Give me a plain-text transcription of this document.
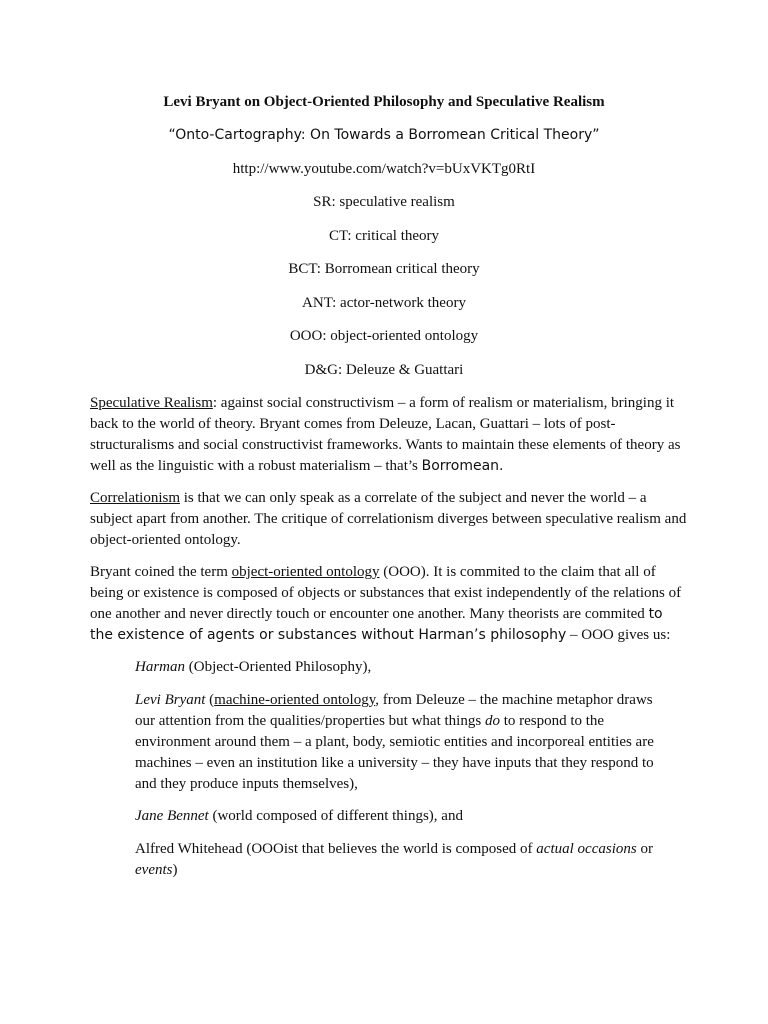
Levi Bryant on Object-Oriented Philosophy and Speculative Realism
“Onto-Cartography: On Towards a Borromean Critical Theory”
http://www.youtube.com/watch?v=bUxVKTg0RtI
SR: speculative realism
CT: critical theory
BCT: Borromean critical theory
ANT: actor-network theory
OOO: object-oriented ontology
D&G: Deleuze & Guattari

Speculative Realism: against social constructivism – a form of realism or materialism, bringing it back to the world of theory. Bryant comes from Deleuze, Lacan, Guattari – lots of post-structuralisms and social constructivist frameworks. Wants to maintain these elements of theory as well as the linguistic with a robust materialism – that’s Borromean.

Correlationism is that we can only speak as a correlate of the subject and never the world – a subject apart from another. The critique of correlationism diverges between speculative realism and object-oriented ontology.

Bryant coined the term object-oriented ontology (OOO). It is commited to the claim that all of being or existence is composed of objects or substances that exist independently of the relations of one another and never directly touch or encounter one another. Many theorists are commited to the existence of agents or substances without Harman’s philosophy – OOO gives us:

Harman (Object-Oriented Philosophy),

Levi Bryant (machine-oriented ontology, from Deleuze – the machine metaphor draws our attention from the qualities/properties but what things do to respond to the environment around them – a plant, body, semiotic entities and incorporeal entities are machines – even an institution like a university – they have inputs that they respond to and they produce inputs themselves),

Jane Bennet (world composed of different things), and

Alfred Whitehead (OOOist that believes the world is composed of actual occasions or events)
